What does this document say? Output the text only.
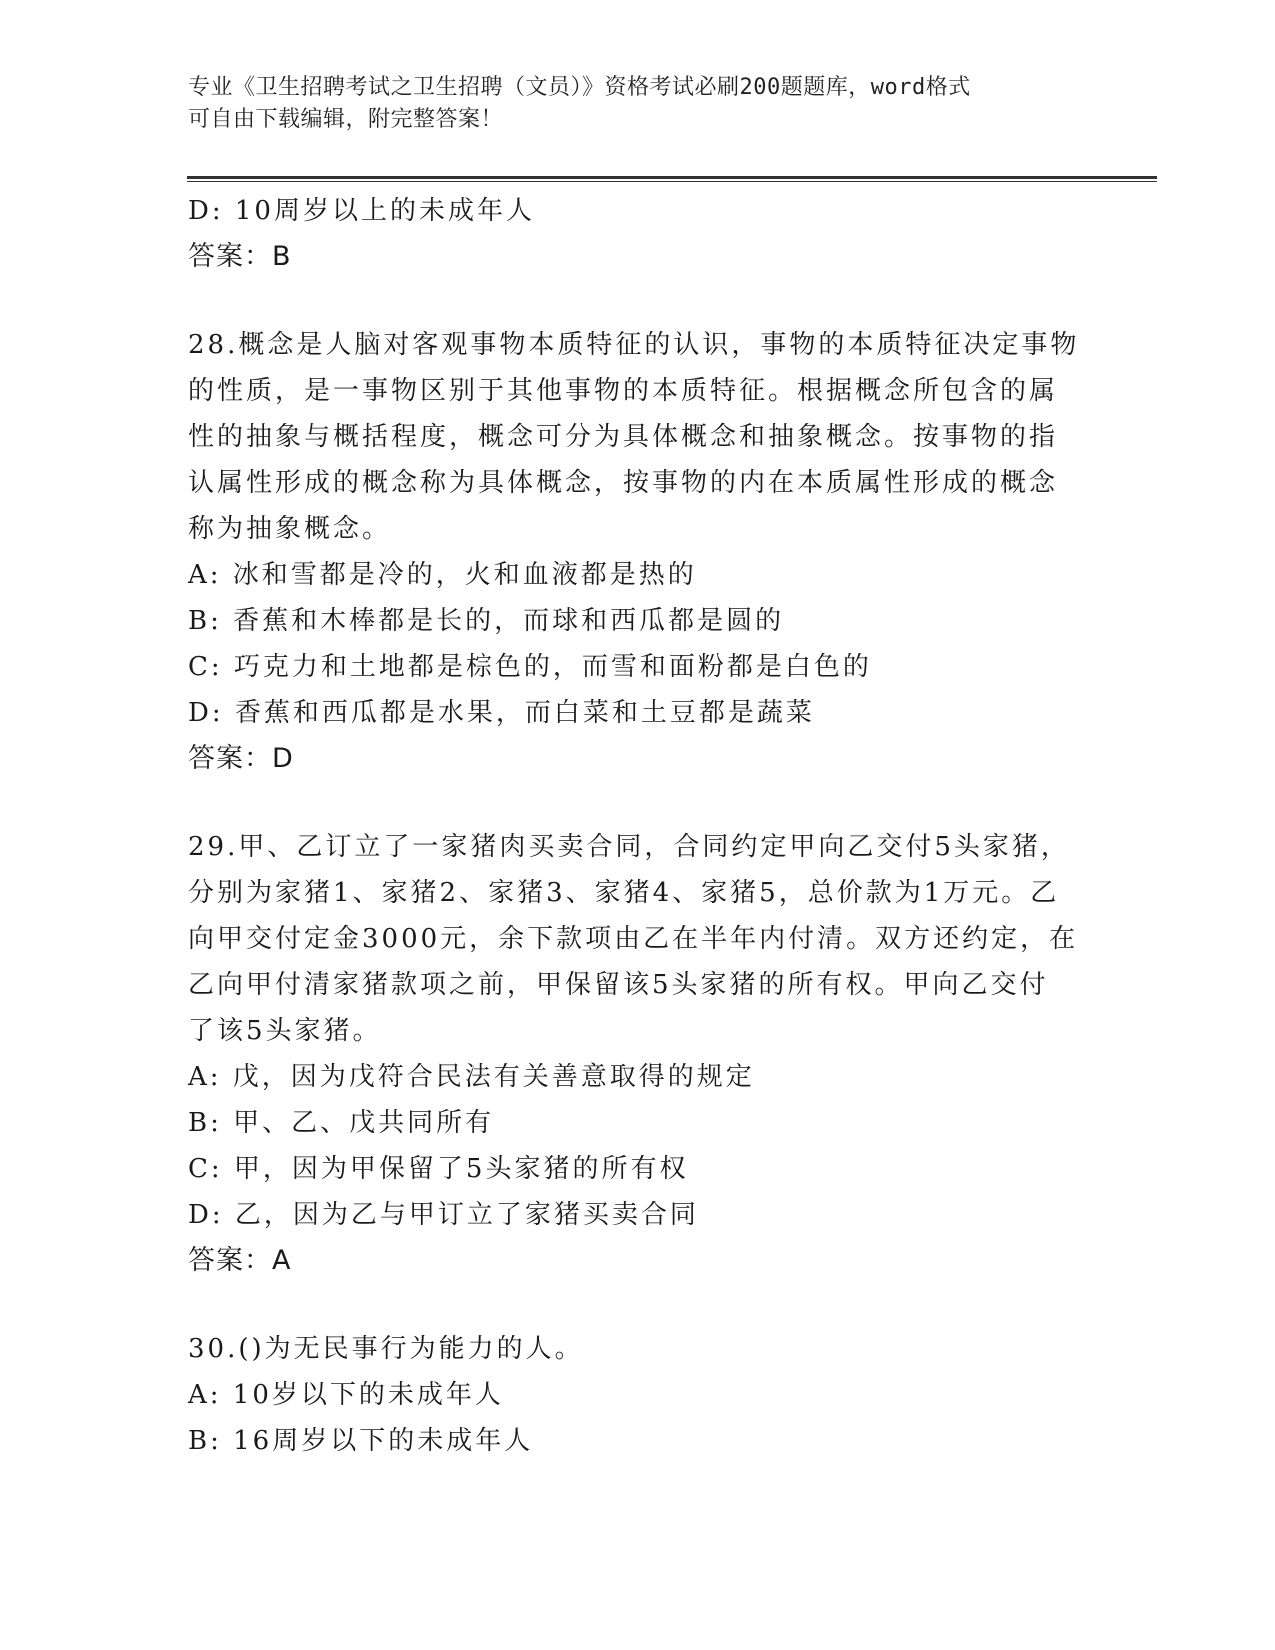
专业《卫生招聘考试之卫生招聘（文员）》资格考试必刷200题题库，word格式
可自由下载编辑，附完整答案！
D: 10周岁以上的未成年人
答案：B
28.概念是人脑对客观事物本质特征的认识，事物的本质特征决定事物
的性质，是一事物区别于其他事物的本质特征。根据概念所包含的属
性的抽象与概括程度，概念可分为具体概念和抽象概念。按事物的指
认属性形成的概念称为具体概念，按事物的内在本质属性形成的概念
称为抽象概念。
A: 冰和雪都是冷的，火和血液都是热的
B: 香蕉和木棒都是长的，而球和西瓜都是圆的
C: 巧克力和土地都是棕色的，而雪和面粉都是白色的
D: 香蕉和西瓜都是水果，而白菜和土豆都是蔬菜
答案：D
29.甲、乙订立了一家猪肉买卖合同，合同约定甲向乙交付5头家猪，
分别为家猪1、家猪2、家猪3、家猪4、家猪5，总价款为1万元。乙
向甲交付定金3000元，余下款项由乙在半年内付清。双方还约定，在
乙向甲付清家猪款项之前，甲保留该5头家猪的所有权。甲向乙交付
了该5头家猪。
A: 戊，因为戊符合民法有关善意取得的规定
B: 甲、乙、戊共同所有
C: 甲，因为甲保留了5头家猪的所有权
D: 乙，因为乙与甲订立了家猪买卖合同
答案：A
30.()为无民事行为能力的人。
A: 10岁以下的未成年人
B: 16周岁以下的未成年人
